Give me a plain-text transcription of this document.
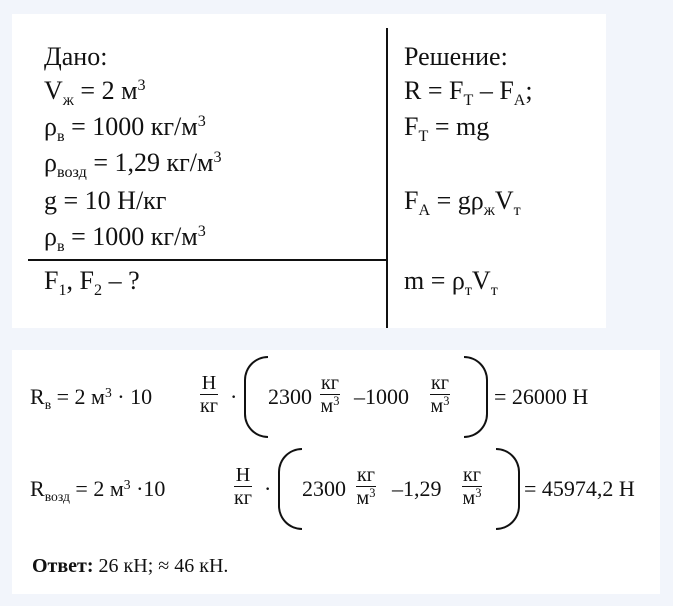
Дано:
$V_ж = 2$ $м^3$
$\rho_в = 1000$ $кг/м^3$
$\rho_{возд} = 1,29$ $кг/м^3$
g = 10 Н/кг
$\rho_в = 1000$ $кг/м^3$
$F_1$, $F_2$ – ?
Решение:
$R = F_T - F_A$;
$F_T$ = mg
$F_A = g\rho_жV_т$
$m = \rho_тV_т$
$R_в = 2$ $м^3 \cdot 10$
Н
кг · 2300
кг
$м^3$ –1000
кг
$м^3 = 26000$ Н
$R_{возд} = 2$ $м^3 \cdot 10$
Н
кг · 2300
кг
$м^3$ –1,29
кг
$м^3 = 45974,2$ Н
Ответ: 26 кН; ≈ 46 кН.
